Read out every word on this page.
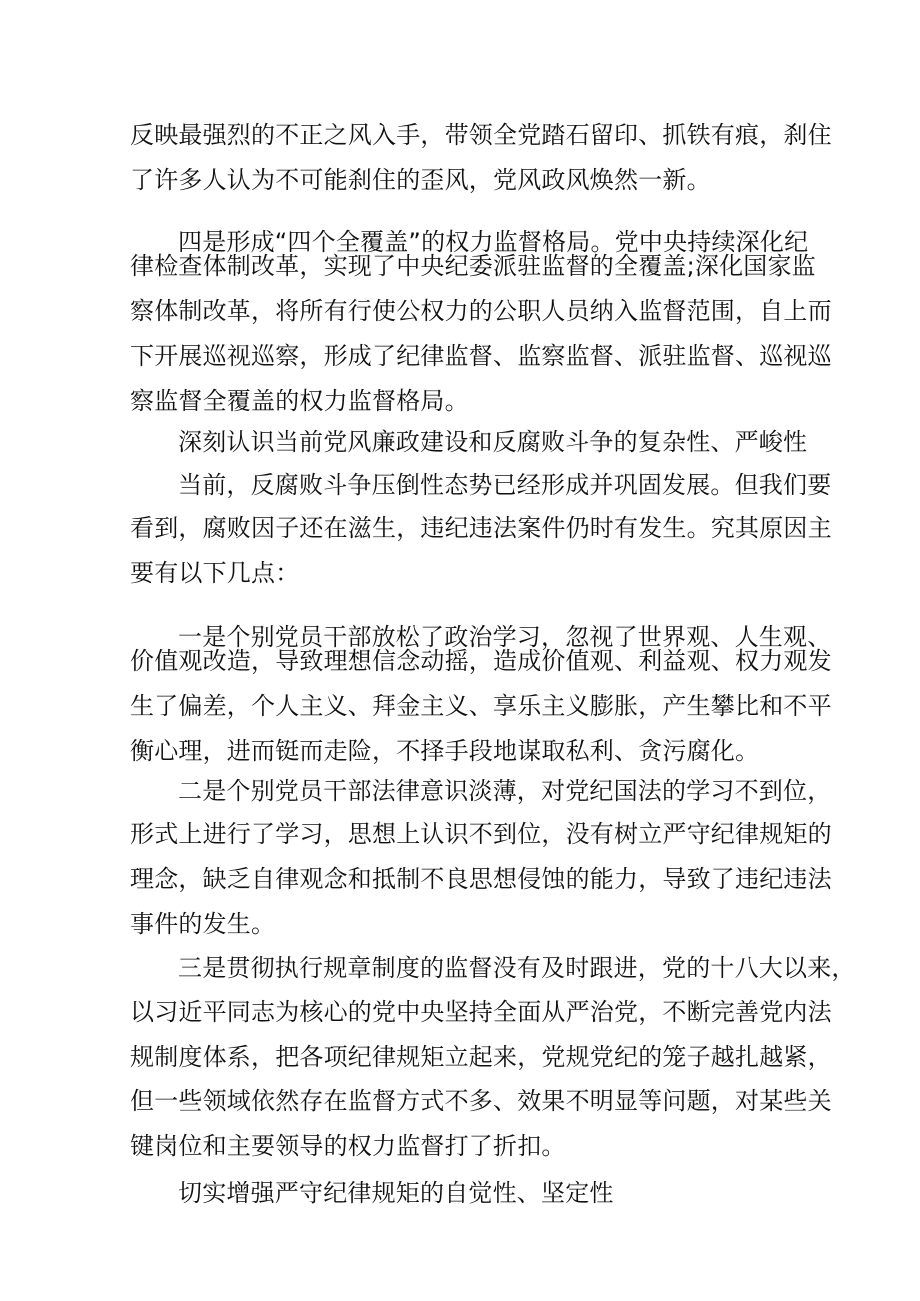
反映最强烈的不正之风入手，带领全党踏石留印、抓铁有痕，刹住
了许多人认为不可能刹住的歪风，党风政风焕然一新。
四是形成“四个全覆盖”的权力监督格局。党中央持续深化纪
律检查体制改革，实现了中央纪委派驻监督的全覆盖;深化国家监
察体制改革，将所有行使公权力的公职人员纳入监督范围，自上而
下开展巡视巡察，形成了纪律监督、监察监督、派驻监督、巡视巡
察监督全覆盖的权力监督格局。
深刻认识当前党风廉政建设和反腐败斗争的复杂性、严峻性
当前，反腐败斗争压倒性态势已经形成并巩固发展。但我们要
看到，腐败因子还在滋生，违纪违法案件仍时有发生。究其原因主
要有以下几点：
一是个别党员干部放松了政治学习，忽视了世界观、人生观、
价值观改造，导致理想信念动摇，造成价值观、利益观、权力观发
生了偏差，个人主义、拜金主义、享乐主义膨胀，产生攀比和不平
衡心理，进而铤而走险，不择手段地谋取私利、贪污腐化。
二是个别党员干部法律意识淡薄，对党纪国法的学习不到位，
形式上进行了学习，思想上认识不到位，没有树立严守纪律规矩的
理念，缺乏自律观念和抵制不良思想侵蚀的能力，导致了违纪违法
事件的发生。
三是贯彻执行规章制度的监督没有及时跟进，党的十八大以来，
以习近平同志为核心的党中央坚持全面从严治党，不断完善党内法
规制度体系，把各项纪律规矩立起来，党规党纪的笼子越扎越紧，
但一些领域依然存在监督方式不多、效果不明显等问题，对某些关
键岗位和主要领导的权力监督打了折扣。
切实增强严守纪律规矩的自觉性、坚定性
